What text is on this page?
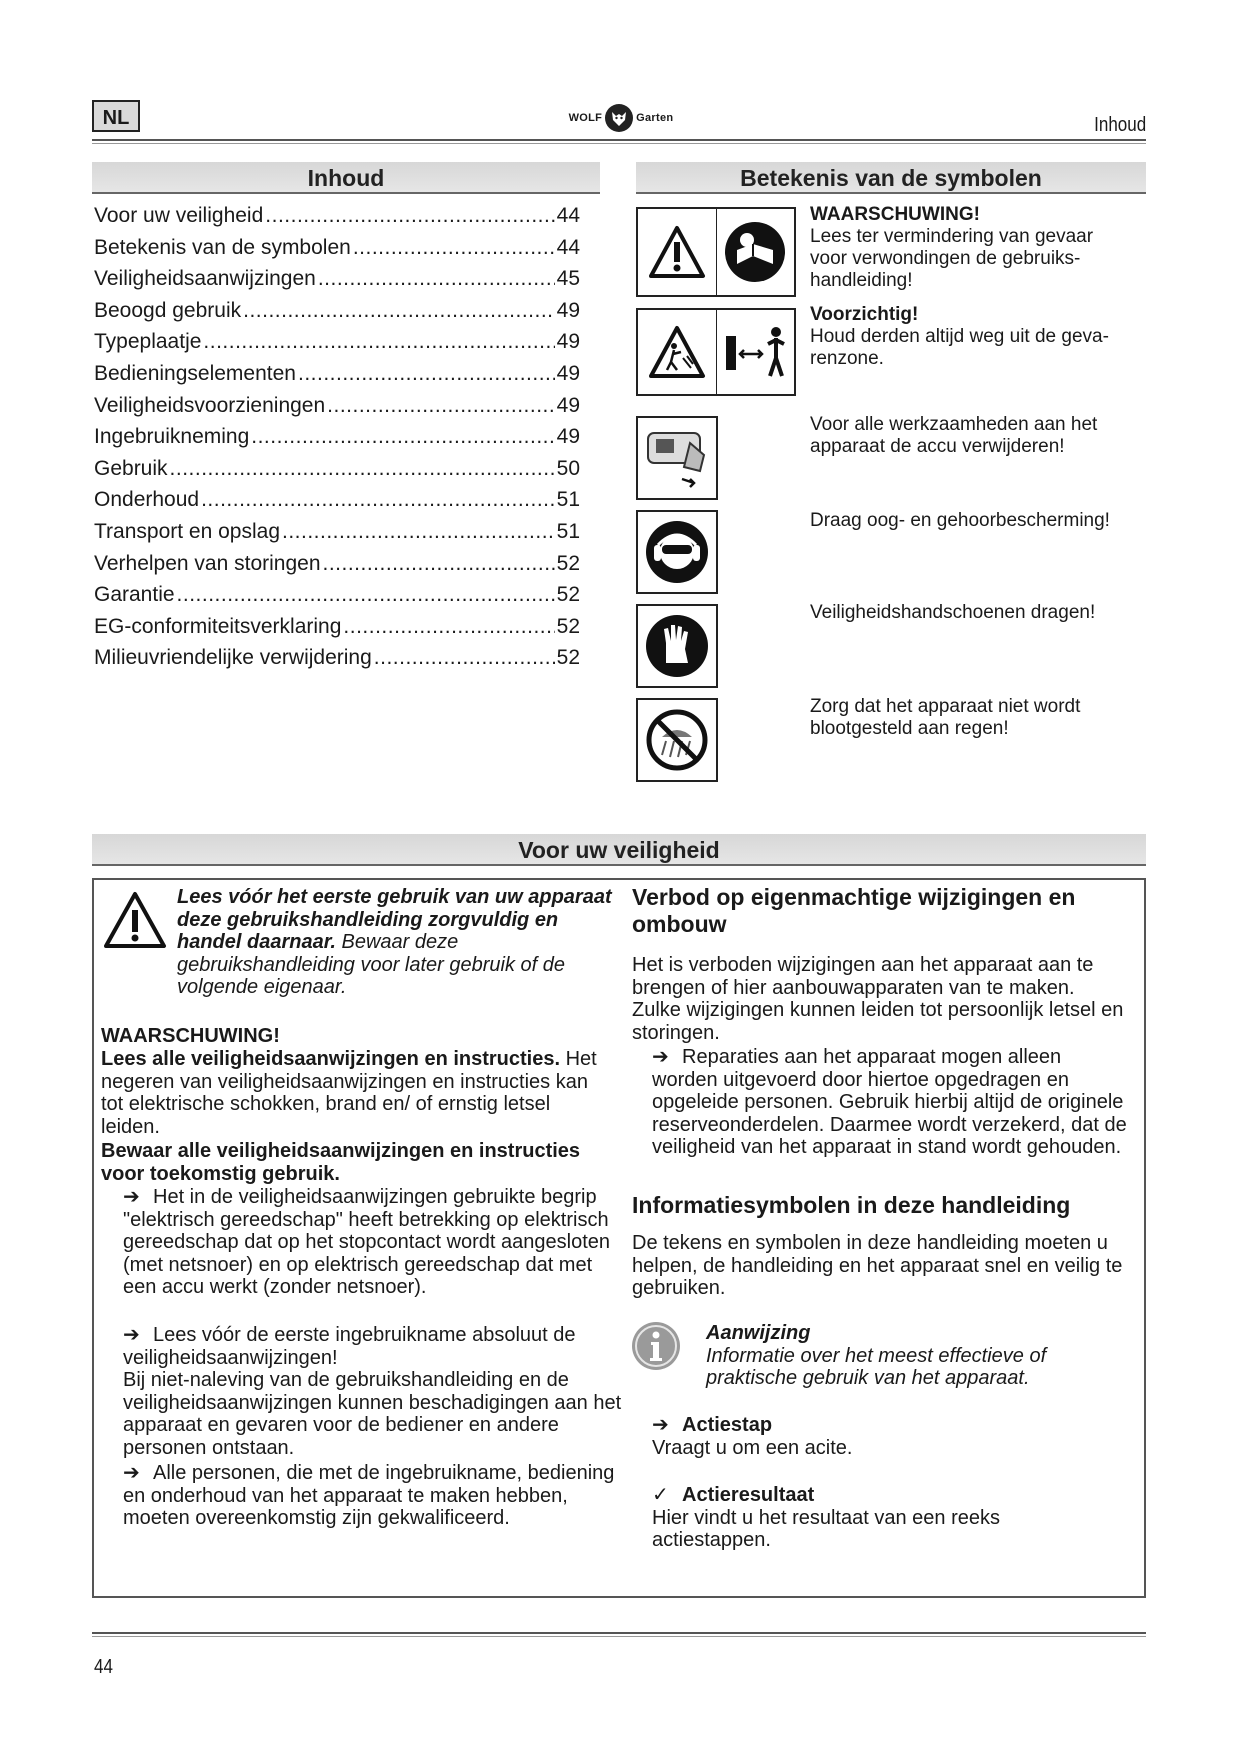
NL	WOLF	Garten	Inhoud
Inhoud
Voor uw veiligheid .....	44
Betekenis van de symbolen .....	44
Veiligheidsaanwijzingen .....	45
Beoogd gebruik .....	49
Typeplaatje .....	49
Bedieningselementen .....	49
Veiligheidsvoorzieningen .....	49
Ingebruikneming .....	49
Gebruik .....	50
Onderhoud .....	51
Transport en opslag .....	51
Verhelpen van storingen .....	52
Garantie .....	52
EG-conformiteitsverklaring .....	52
Milieuvriendelijke verwijdering .....	52
Betekenis van de symbolen
WAARSCHUWING!
Lees ter vermindering van gevaar
voor verwondingen de gebruiks-
handleiding!
Voorzichtig!
Houd derden altijd weg uit de geva-
renzone.
Voor alle werkzaamheden aan het
apparaat de accu verwijderen!
Draag oog- en gehoorbescherming!
Veiligheidshandschoenen dragen!
Zorg dat het apparaat niet wordt
blootgesteld aan regen!
Voor uw veiligheid

Lees vóór het eerste gebruik van uw apparaat deze gebruikshandleiding zorgvuldig en handel daarnaar. Bewaar deze gebruikshandleiding voor later gebruik of de volgende eigenaar.

WAARSCHUWING!

Lees alle veiligheidsaanwijzingen en instructies. Het negeren van veiligheidsaanwijzingen en instructies kan tot elektrische schokken, brand en/ of ernstig letsel leiden.

Bewaar alle veiligheidsaanwijzingen en instructies voor toekomstig gebruik.

➔ Het in de veiligheidsaanwijzingen gebruikte begrip "elektrisch gereedschap" heeft betrekking op elektrisch gereedschap dat op het stopcontact wordt aangesloten (met netsnoer) en op elektrisch gereedschap dat met een accu werkt (zonder netsnoer).

➔ Lees vóór de eerste ingebruikname absoluut de veiligheidsaanwijzingen!
Bij niet-naleving van de gebruikshandleiding en de veiligheidsaanwijzingen kunnen beschadigingen aan het apparaat en gevaren voor de bediener en andere personen ontstaan.

➔ Alle personen, die met de ingebruikname, bediening en onderhoud van het apparaat te maken hebben, moeten overeenkomstig zijn gekwalificeerd.

Verbod op eigenmachtige wijzigingen en ombouw

Het is verboden wijzigingen aan het apparaat aan te brengen of hier aanbouwapparaten van te maken. Zulke wijzigingen kunnen leiden tot persoonlijk letsel en storingen.

➔ Reparaties aan het apparaat mogen alleen worden uitgevoerd door hiertoe opgedragen en opgeleide personen. Gebruik hierbij altijd de originele reserveonderdelen. Daarmee wordt verzekerd, dat de veiligheid van het apparaat in stand wordt gehouden.

Informatiesymbolen in deze handleiding

De tekens en symbolen in deze handleiding moeten u helpen, de handleiding en het apparaat snel en veilig te gebruiken.

Aanwijzing
Informatie over het meest effectieve of praktische gebruik van het apparaat.

➔ Actiestap
Vraagt u om een acite.

✓ Actieresultaat
Hier vindt u het resultaat van een reeks actiestappen.

44
